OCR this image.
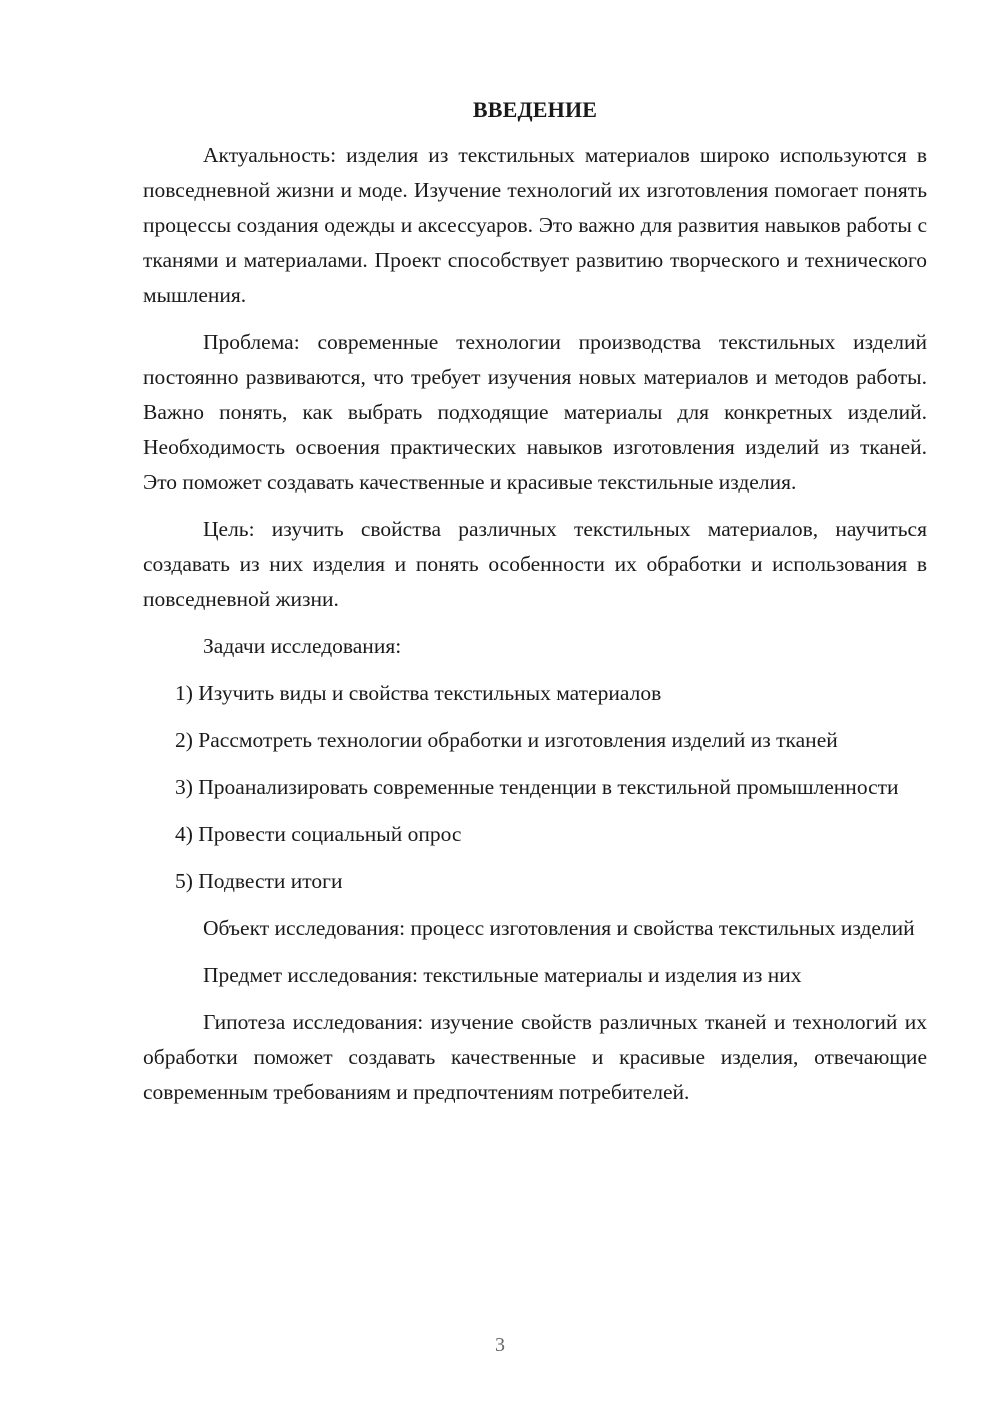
ВВЕДЕНИЕ

Актуальность: изделия из текстильных материалов широко используются в повседневной жизни и моде. Изучение технологий их изготовления помогает понять процессы создания одежды и аксессуаров. Это важно для развития навыков работы с тканями и материалами. Проект способствует развитию творческого и технического мышления.

Проблема: современные технологии производства текстильных изделий постоянно развиваются, что требует изучения новых материалов и методов работы. Важно понять, как выбрать подходящие материалы для конкретных изделий. Необходимость освоения практических навыков изготовления изделий из тканей. Это поможет создавать качественные и красивые текстильные изделия.

Цель: изучить свойства различных текстильных материалов, научиться создавать из них изделия и понять особенности их обработки и использования в повседневной жизни.

Задачи исследования:

1) Изучить виды и свойства текстильных материалов

2) Рассмотреть технологии обработки и изготовления изделий из тканей

3) Проанализировать современные тенденции в текстильной промышленности

4) Провести социальный опрос

5) Подвести итоги

Объект исследования: процесс изготовления и свойства текстильных изделий

Предмет исследования: текстильные материалы и изделия из них

Гипотеза исследования: изучение свойств различных тканей и технологий их обработки поможет создавать качественные и красивые изделия, отвечающие современным требованиям и предпочтениям потребителей.

3
